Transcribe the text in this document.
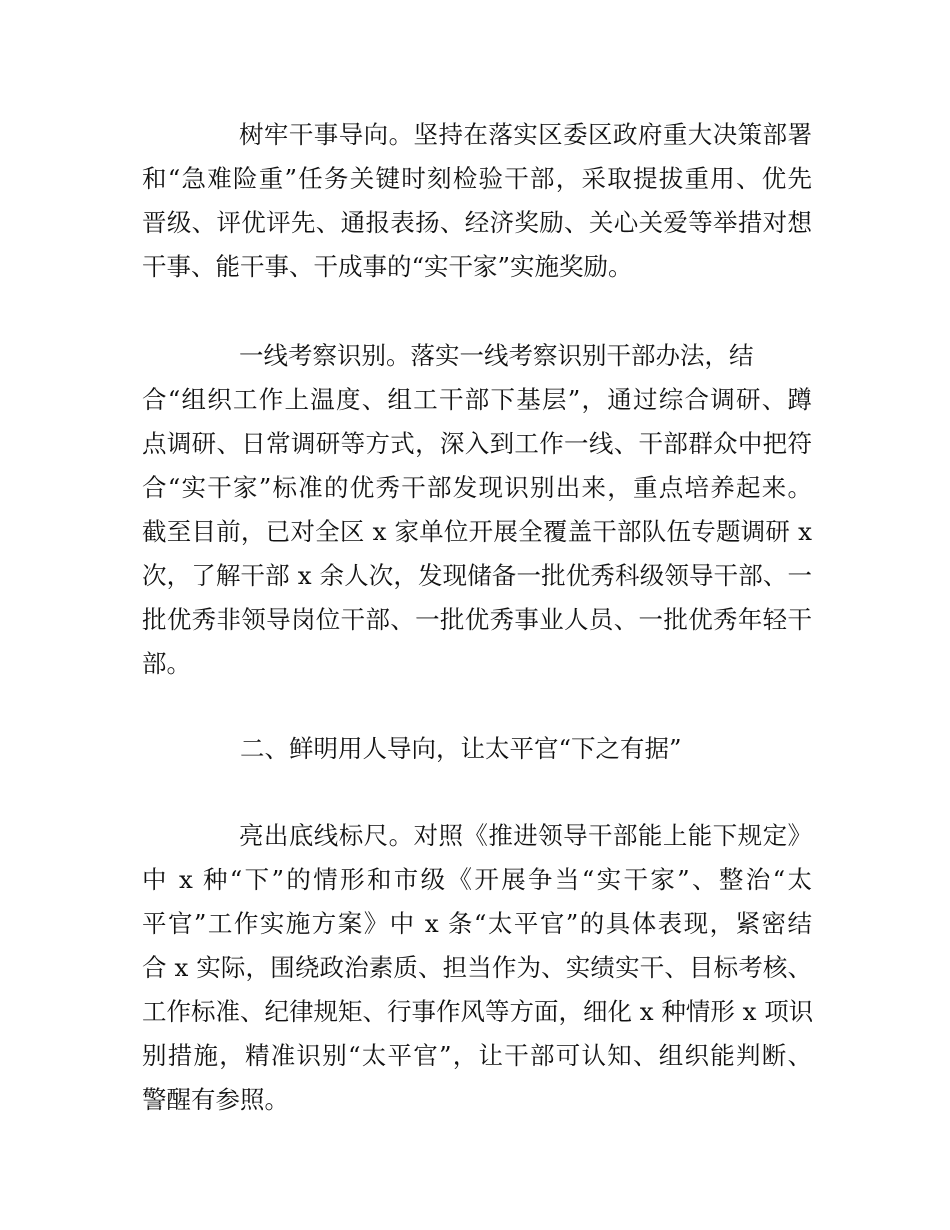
树牢干事导向。坚持在落实区委区政府重大决策部署
和“急难险重”任务关键时刻检验干部，采取提拔重用、优先
晋级、评优评先、通报表扬、经济奖励、关心关爱等举措对想
干事、能干事、干成事的“实干家”实施奖励。
一线考察识别。落实一线考察识别干部办法，结
合“组织工作上温度、组工干部下基层”，通过综合调研、蹲
点调研、日常调研等方式，深入到工作一线、干部群众中把符
合“实干家”标准的优秀干部发现识别出来，重点培养起来。
截至目前，已对全区 x 家单位开展全覆盖干部队伍专题调研 x
次，了解干部 x 余人次，发现储备一批优秀科级领导干部、一
批优秀非领导岗位干部、一批优秀事业人员、一批优秀年轻干
部。
二、鲜明用人导向，让太平官“下之有据”
亮出底线标尺。对照《推进领导干部能上能下规定》
中 x 种“下”的情形和市级《开展争当“实干家”、整治“太
平官”工作实施方案》中 x 条“太平官”的具体表现，紧密结
合 x 实际，围绕政治素质、担当作为、实绩实干、目标考核、
工作标准、纪律规矩、行事作风等方面，细化 x 种情形 x 项识
别措施，精准识别“太平官”，让干部可认知、组织能判断、
警醒有参照。
